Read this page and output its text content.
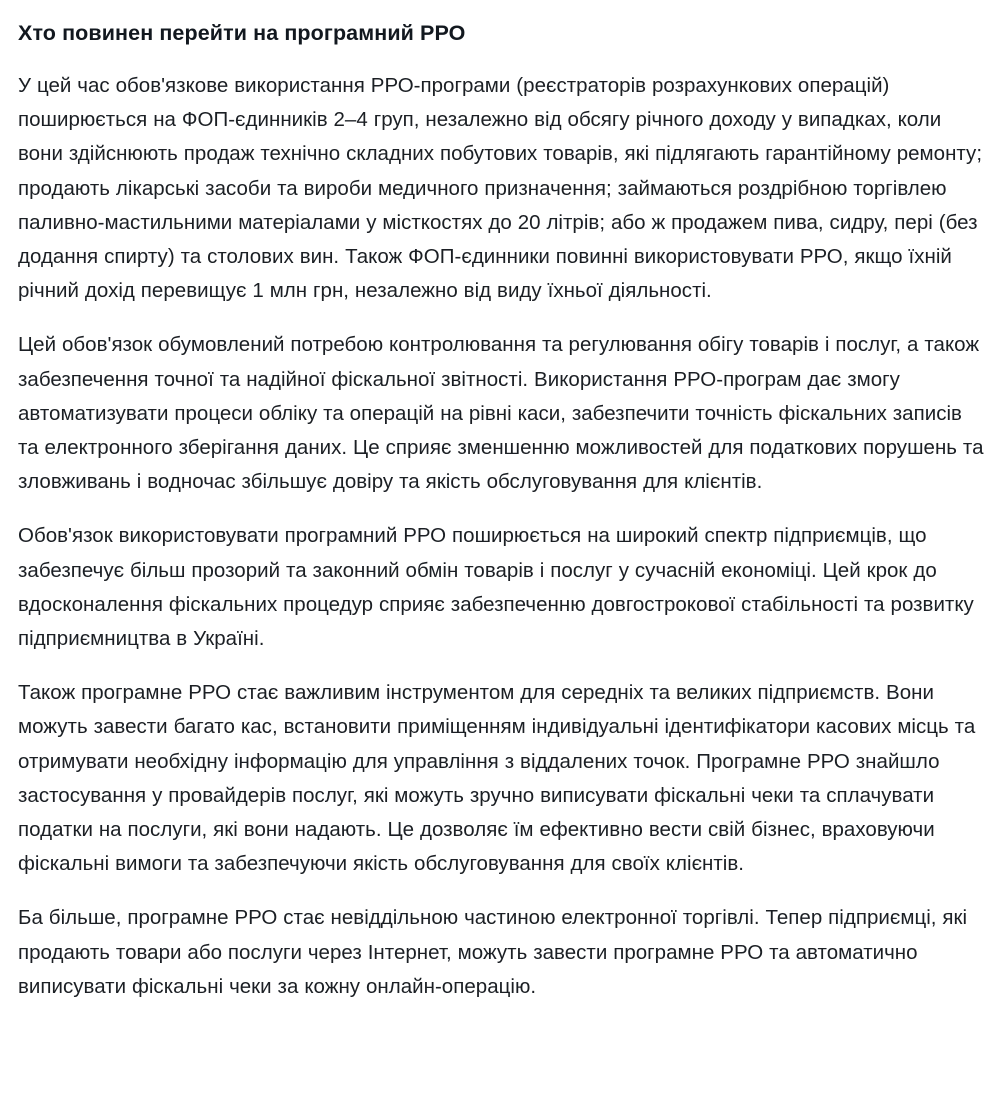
Хто повинен перейти на програмний РРО

У цей час обов'язкове використання РРО-програми (реєстраторів розрахункових операцій) поширюється на ФОП-єдинників 2–4 груп, незалежно від обсягу річного доходу у випадках, коли вони здійснюють продаж технічно складних побутових товарів, які підлягають гарантійному ремонту; продають лікарські засоби та вироби медичного призначення; займаються роздрібною торгівлею паливно-мастильними матеріалами у місткостях до 20 літрів; або ж продажем пива, сидру, пері (без додання спирту) та столових вин. Також ФОП-єдинники повинні використовувати РРО, якщо їхній річний дохід перевищує 1 млн грн, незалежно від виду їхньої діяльності.

Цей обов'язок обумовлений потребою контролювання та регулювання обігу товарів і послуг, а також забезпечення точної та надійної фіскальної звітності. Використання РРО-програм дає змогу автоматизувати процеси обліку та операцій на рівні каси, забезпечити точність фіскальних записів та електронного зберігання даних. Це сприяє зменшенню можливостей для податкових порушень та зловживань і водночас збільшує довіру та якість обслуговування для клієнтів.

Обов'язок використовувати програмний РРО поширюється на широкий спектр підприємців, що забезпечує більш прозорий та законний обмін товарів і послуг у сучасній економіці. Цей крок до вдосконалення фіскальних процедур сприяє забезпеченню довгострокової стабільності та розвитку підприємництва в Україні.

Також програмне РРО стає важливим інструментом для середніх та великих підприємств. Вони можуть завести багато кас, встановити приміщенням індивідуальні ідентифікатори касових місць та отримувати необхідну інформацію для управління з віддалених точок. Програмне РРО знайшло застосування у провайдерів послуг, які можуть зручно виписувати фіскальні чеки та сплачувати податки на послуги, які вони надають. Це дозволяє їм ефективно вести свій бізнес, враховуючи фіскальні вимоги та забезпечуючи якість обслуговування для своїх клієнтів.

Ба більше, програмне РРО стає невіддільною частиною електронної торгівлі. Тепер підприємці, які продають товари або послуги через Інтернет, можуть завести програмне РРО та автоматично виписувати фіскальні чеки за кожну онлайн-операцію.
